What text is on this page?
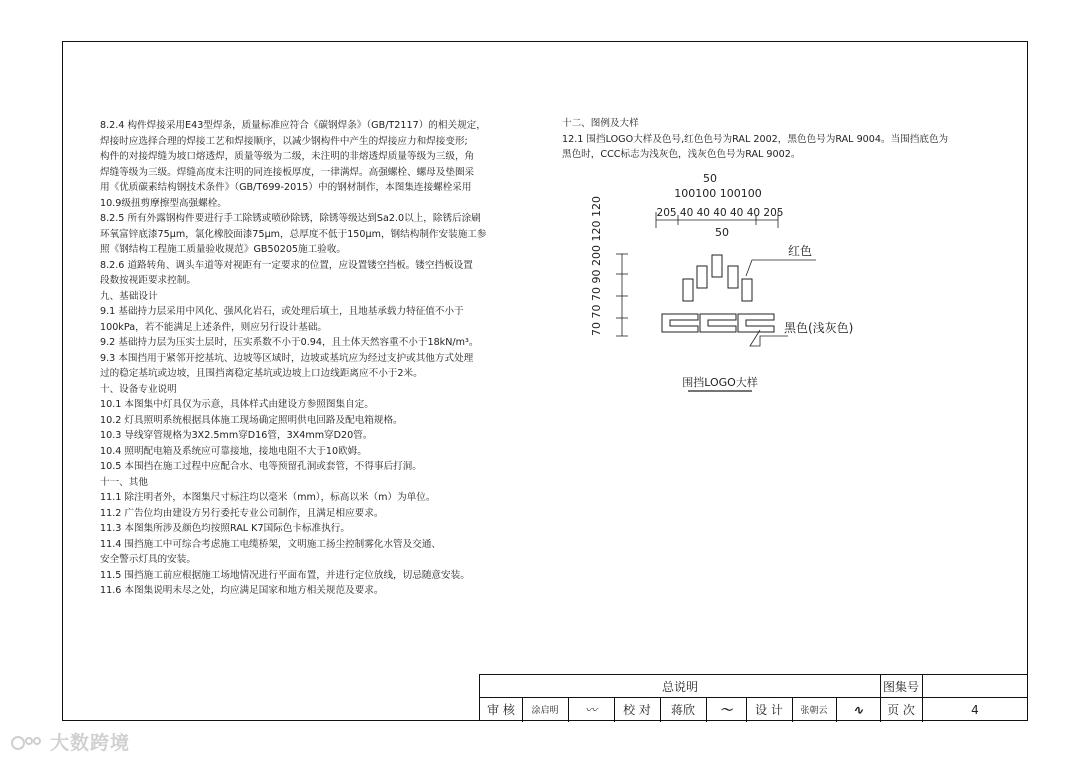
8.2.4 构件焊接采用E43型焊条，质量标准应符合《碳钢焊条》（GB/T2117）的相关规定，
焊接时应选择合理的焊接工艺和焊接顺序，以减少钢构件中产生的焊接应力和焊接变形;
构件的对接焊缝为坡口熔透焊，质量等级为二级，未注明的非熔透焊质量等级为三级，角
焊缝等级为三级。焊缝高度未注明的同连接板厚度，一律满焊。高强螺栓、螺母及垫圈采
用《优质碳素结构钢技术条件》（GB/T699-2015）中的钢材制作，本图集连接螺栓采用
10.9级扭剪摩擦型高强螺栓。
8.2.5 所有外露钢构件要进行手工除锈或喷砂除锈，除锈等级达到Sa2.0以上，除锈后涂刷
环氧富锌底漆75μm，氯化橡胶面漆75μm，总厚度不低于150μm，钢结构制作安装施工参
照《钢结构工程施工质量验收规范》GB50205施工验收。
8.2.6 道路转角、调头车道等对视距有一定要求的位置，应设置镂空挡板。镂空挡板设置
段数按视距要求控制。
九、基础设计
9.1 基础持力层采用中风化、强风化岩石，或处理后填土，且地基承载力特征值不小于
100kPa，若不能满足上述条件，则应另行设计基础。
9.2 基础持力层为压实土层时，压实系数不小于0.94，且土体天然容重不小于18kN/m³。
9.3 本围挡用于紧邻开挖基坑、边坡等区域时，边坡或基坑应为经过支护或其他方式处理
过的稳定基坑或边坡，且围挡离稳定基坑或边坡上口边线距离应不小于2米。
十、设备专业说明
10.1 本图集中灯具仅为示意，具体样式由建设方参照图集自定。
10.2 灯具照明系统根据具体施工现场确定照明供电回路及配电箱规格。
10.3 导线穿管规格为3X2.5mm穿D16管，3X4mm穿D20管。
10.4 照明配电箱及系统应可靠接地，接地电阻不大于10欧姆。
10.5 本围挡在施工过程中应配合水、电等预留孔洞或套管，不得事后打洞。
十一、其他
11.1 除注明者外，本图集尺寸标注均以毫米（mm），标高以米（m）为单位。
11.2 广告位均由建设方另行委托专业公司制作，且满足相应要求。
11.3 本图集所涉及颜色均按照RAL K7国际色卡标准执行。
11.4 围挡施工中可综合考虑施工电缆桥架，文明施工扬尘控制雾化水管及交通、
安全警示灯具的安装。
11.5 围挡施工前应根据施工场地情况进行平面布置，并进行定位放线，切忌随意安装。
11.6 本图集说明未尽之处，均应满足国家和地方相关规范及要求。
十二、图例及大样
12.1 围挡LOGO大样及色号,红色色号为RAL 2002，黑色色号为RAL 9004。当围挡底色为
黑色时，CCC标志为浅灰色，浅灰色色号为RAL 9002。
50
100100 100100
205 40 40 40 40 40 205
50
70 70 70 90 200 120 120	红色
黑色(浅灰色)
围挡LOGO大样
总说明	图集号
审 核	涂启明	〰	校 对	蒋欣	〜	设 计	张朝云	∿	页 次	4
大数跨境
